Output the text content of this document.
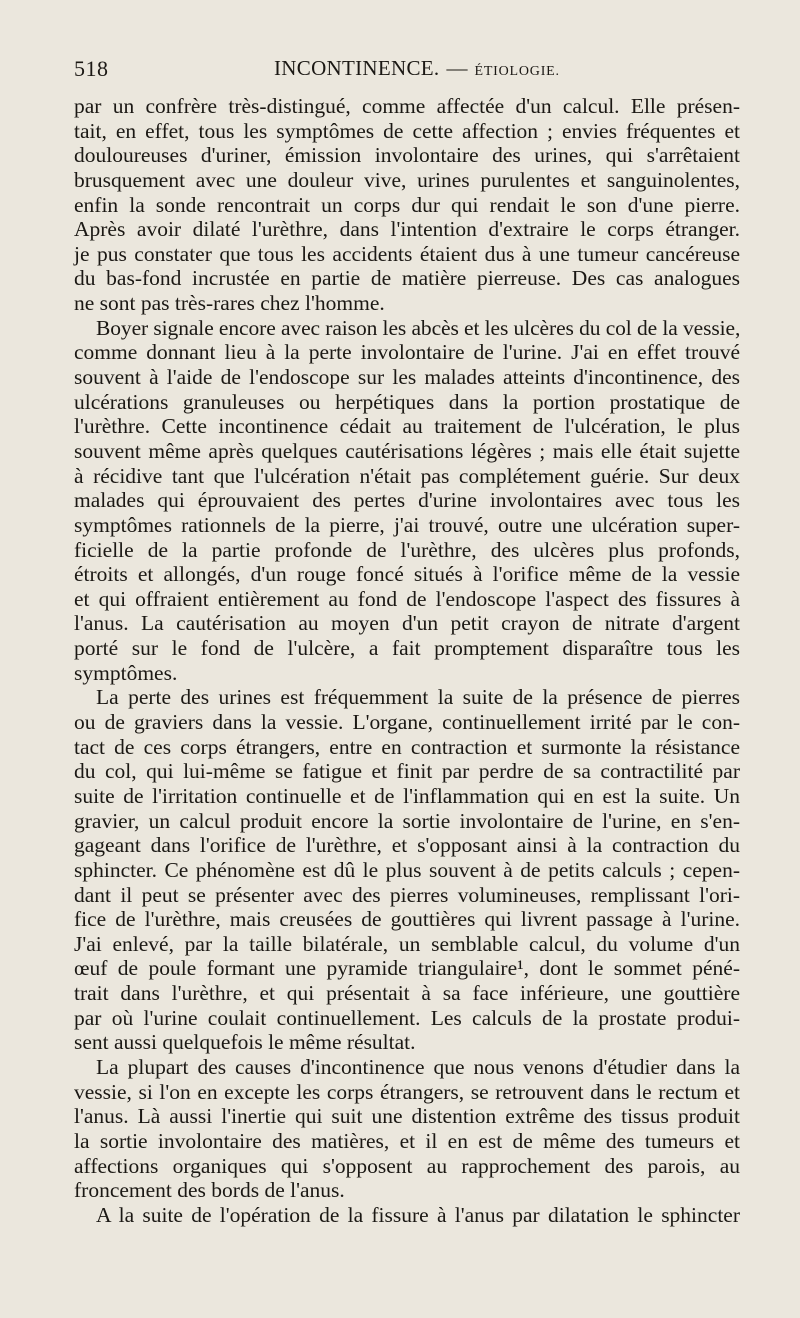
518	INCONTINENCE. — ÉTIOLOGIE.
par un confrère très-distingué, comme affectée d'un calcul. Elle présen-
tait, en effet, tous les symptômes de cette affection ; envies fréquentes et
douloureuses d'uriner, émission involontaire des urines, qui s'arrêtaient
brusquement avec une douleur vive, urines purulentes et sanguinolentes,
enfin la sonde rencontrait un corps dur qui rendait le son d'une pierre.
Après avoir dilaté l'urèthre, dans l'intention d'extraire le corps étranger.
je pus constater que tous les accidents étaient dus à une tumeur cancéreuse
du bas-fond incrustée en partie de matière pierreuse. Des cas analogues
ne sont pas très-rares chez l'homme.
Boyer signale encore avec raison les abcès et les ulcères du col de la vessie,
comme donnant lieu à la perte involontaire de l'urine. J'ai en effet trouvé
souvent à l'aide de l'endoscope sur les malades atteints d'incontinence, des
ulcérations granuleuses ou herpétiques dans la portion prostatique de
l'urèthre. Cette incontinence cédait au traitement de l'ulcération, le plus
souvent même après quelques cautérisations légères ; mais elle était sujette
à récidive tant que l'ulcération n'était pas complétement guérie. Sur deux
malades qui éprouvaient des pertes d'urine involontaires avec tous les
symptômes rationnels de la pierre, j'ai trouvé, outre une ulcération super-
ficielle de la partie profonde de l'urèthre, des ulcères plus profonds,
étroits et allongés, d'un rouge foncé situés à l'orifice même de la vessie
et qui offraient entièrement au fond de l'endoscope l'aspect des fissures à
l'anus. La cautérisation au moyen d'un petit crayon de nitrate d'argent
porté sur le fond de l'ulcère, a fait promptement disparaître tous les
symptômes.
La perte des urines est fréquemment la suite de la présence de pierres
ou de graviers dans la vessie. L'organe, continuellement irrité par le con-
tact de ces corps étrangers, entre en contraction et surmonte la résistance
du col, qui lui-même se fatigue et finit par perdre de sa contractilité par
suite de l'irritation continuelle et de l'inflammation qui en est la suite. Un
gravier, un calcul produit encore la sortie involontaire de l'urine, en s'en-
gageant dans l'orifice de l'urèthre, et s'opposant ainsi à la contraction du
sphincter. Ce phénomène est dû le plus souvent à de petits calculs ; cepen-
dant il peut se présenter avec des pierres volumineuses, remplissant l'ori-
fice de l'urèthre, mais creusées de gouttières qui livrent passage à l'urine.
J'ai enlevé, par la taille bilatérale, un semblable calcul, du volume d'un
œuf de poule formant une pyramide triangulaire¹, dont le sommet péné-
trait dans l'urèthre, et qui présentait à sa face inférieure, une gouttière
par où l'urine coulait continuellement. Les calculs de la prostate produi-
sent aussi quelquefois le même résultat.
La plupart des causes d'incontinence que nous venons d'étudier dans la
vessie, si l'on en excepte les corps étrangers, se retrouvent dans le rectum et
l'anus. Là aussi l'inertie qui suit une distention extrême des tissus produit
la sortie involontaire des matières, et il en est de même des tumeurs et
affections organiques qui s'opposent au rapprochement des parois, au
froncement des bords de l'anus.
A la suite de l'opération de la fissure à l'anus par dilatation le sphincter
